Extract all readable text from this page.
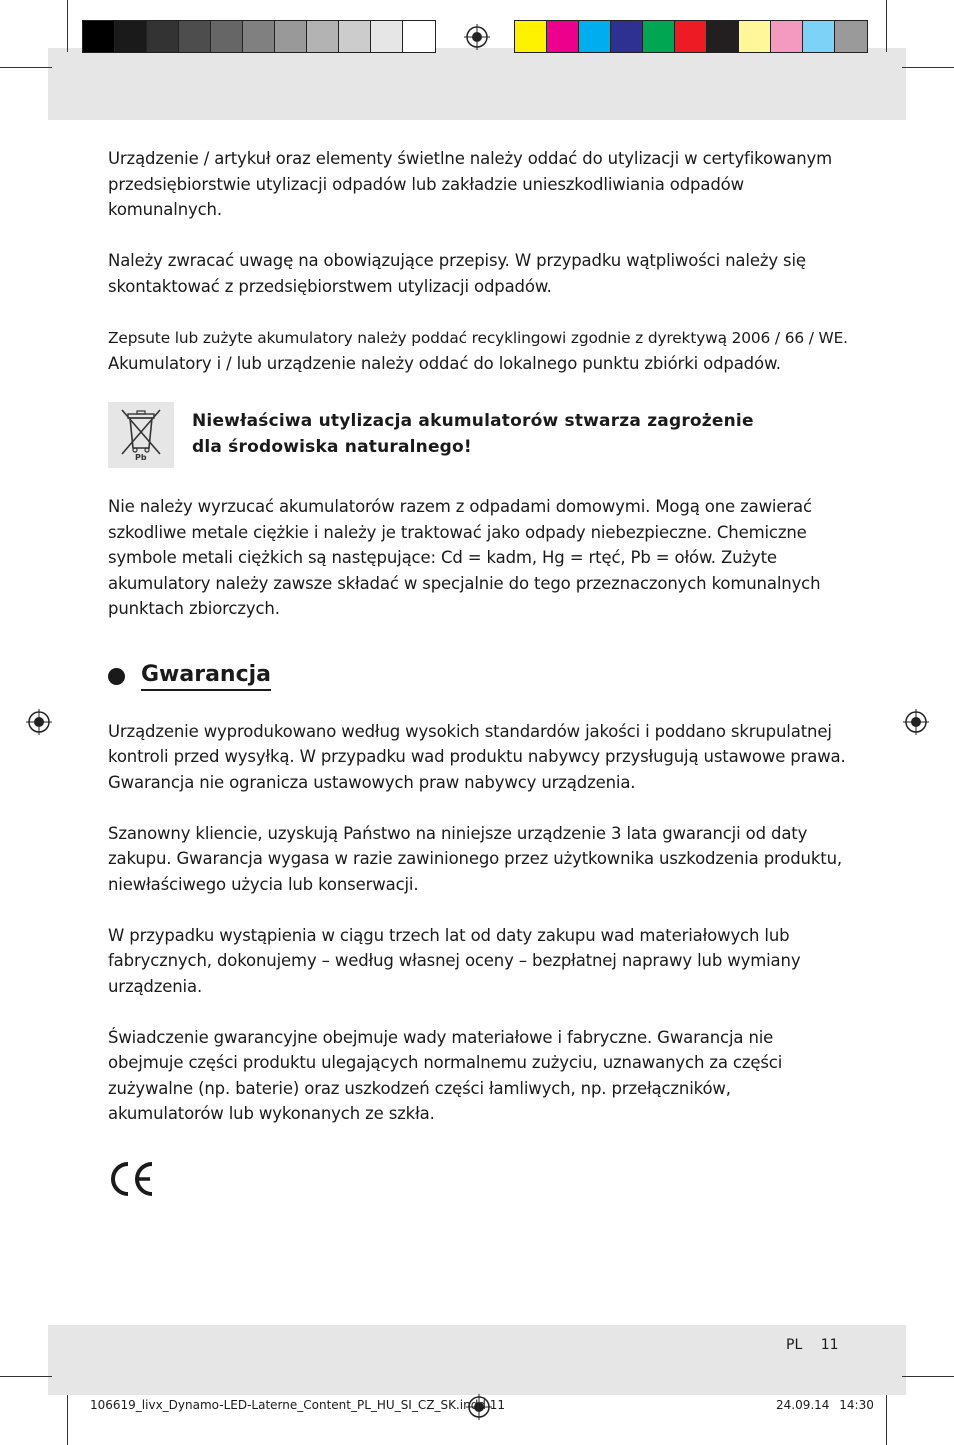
Urządzenie / artykuł oraz elementy świetlne należy oddać do utylizacji w certyfikowanym przedsiębiorstwie utylizacji odpadów lub zakładzie unieszkodliwiania odpadów komunalnych.

Należy zwracać uwagę na obowiązujące przepisy. W przypadku wątpliwości należy się skontaktować z przedsiębiorstwem utylizacji odpadów.

Zepsute lub zużyte akumulatory należy poddać recyklingowi zgodnie z dyrektywą 2006 / 66 / WE.
Akumulatory i / lub urządzenie należy oddać do lokalnego punktu zbiórki odpadów.

Pb
Niewłaściwa utylizacja akumulatorów stwarza zagrożenie
dla środowiska naturalnego!

Nie należy wyrzucać akumulatorów razem z odpadami domowymi. Mogą one zawierać szkodliwe metale ciężkie i należy je traktować jako odpady niebezpieczne. Chemiczne symbole metali ciężkich są następujące: Cd = kadm, Hg = rtęć, Pb = ołów. Zużyte akumulatory należy zawsze składać w specjalnie do tego przeznaczonych komunalnych punktach zbiorczych.

Gwarancja

Urządzenie wyprodukowano według wysokich standardów jakości i poddano skrupulatnej kontroli przed wysyłką. W przypadku wad produktu nabywcy przysługują ustawowe prawa. Gwarancja nie ogranicza ustawowych praw nabywcy urządzenia.

Szanowny kliencie, uzyskują Państwo na niniejsze urządzenie 3 lata gwarancji od daty zakupu. Gwarancja wygasa w razie zawinionego przez użytkownika uszkodzenia produktu, niewłaściwego użycia lub konserwacji.

W przypadku wystąpienia w ciągu trzech lat od daty zakupu wad materiałowych lub fabrycznych, dokonujemy – według własnej oceny – bezpłatnej naprawy lub wymiany urządzenia.

Świadczenie gwarancyjne obejmuje wady materiałowe i fabryczne. Gwarancja nie obejmuje części produktu ulegających normalnemu zużyciu, uznawanych za części zużywalne (np. baterie) oraz uszkodzeń części łamliwych, np. przełączników, akumulatorów lub wykonanych ze szkła.

PL 11
106619_livx_Dynamo-LED-Laterne_Content_PL_HU_SI_CZ_SK.indd 11	24.09.14 14:30
